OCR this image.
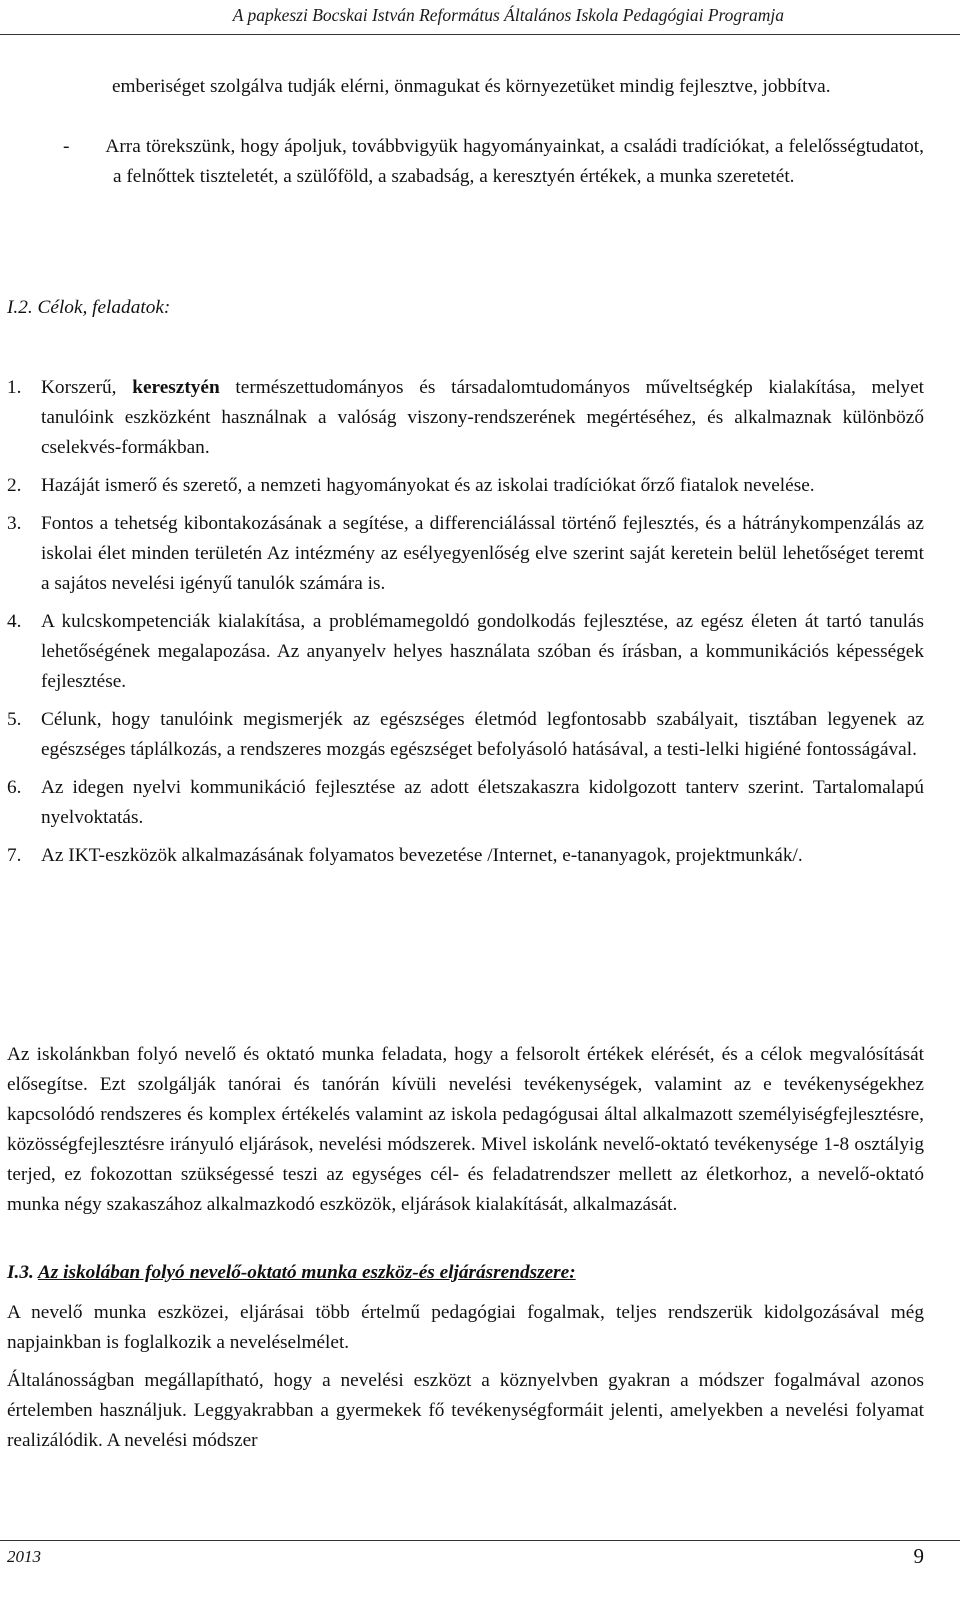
A papkeszi Bocskai István Református Általános Iskola Pedagógiai Programja

emberiséget szolgálva tudják elérni, önmagukat és környezetüket mindig fejlesztve, jobbítva.

- Arra törekszünk, hogy ápoljuk, továbbvigyük hagyományainkat, a családi tradíciókat, a felelősségtudatot, a felnőttek tiszteletét, a szülőföld, a szabadság, a keresztyén értékek, a munka szeretetét.

I.2. Célok, feladatok:
1. Korszerű, keresztyén természettudományos és társadalomtudományos műveltségkép kialakítása, melyet tanulóink eszközként használnak a valóság viszony-rendszerének megértéséhez, és alkalmaznak különböző cselekvés-formákban.

2. Hazáját ismerő és szerető, a nemzeti hagyományokat és az iskolai tradíciókat őrző fiatalok nevelése.

3. Fontos a tehetség kibontakozásának a segítése, a differenciálással történő fejlesztés, és a hátránykompenzálás az iskolai élet minden területén Az intézmény az esélyegyenlőség elve szerint saját keretein belül lehetőséget teremt a sajátos nevelési igényű tanulók számára is.

4. A kulcskompetenciák kialakítása, a problémamegoldó gondolkodás fejlesztése, az egész életen át tartó tanulás lehetőségének megalapozása. Az anyanyelv helyes használata szóban és írásban, a kommunikációs képességek fejlesztése.

5. Célunk, hogy tanulóink megismerjék az egészséges életmód legfontosabb szabályait, tisztában legyenek az egészséges táplálkozás, a rendszeres mozgás egészséget befolyásoló hatásával, a testi-lelki higiéné fontosságával.

6. Az idegen nyelvi kommunikáció fejlesztése az adott életszakaszra kidolgozott tanterv szerint. Tartalomalapú nyelvoktatás.

7. Az IKT-eszközök alkalmazásának folyamatos bevezetése /Internet, e-tananyagok, projektmunkák/.

Az iskolánkban folyó nevelő és oktató munka feladata, hogy a felsorolt értékek elérését, és a célok megvalósítását elősegítse. Ezt szolgálják tanórai és tanórán kívüli nevelési tevékenységek, valamint az e tevékenységekhez kapcsolódó rendszeres és komplex értékelés valamint az iskola pedagógusai által alkalmazott személyiségfejlesztésre, közösségfejlesztésre irányuló eljárások, nevelési módszerek. Mivel iskolánk nevelő-oktató tevékenysége 1-8 osztályig terjed, ez fokozottan szükségessé teszi az egységes cél- és feladatrendszer mellett az életkorhoz, a nevelő-oktató munka négy szakaszához alkalmazkodó eszközök, eljárások kialakítását, alkalmazását.

I.3. Az iskolában folyó nevelő-oktató munka eszköz-és eljárásrendszere:

A nevelő munka eszközei, eljárásai több értelmű pedagógiai fogalmak, teljes rendszerük kidolgozásával még napjainkban is foglalkozik a neveléselmélet.

Általánosságban megállapítható, hogy a nevelési eszközt a köznyelvben gyakran a módszer fogalmával azonos értelemben használjuk. Leggyakrabban a gyermekek fő tevékenységformáit jelenti, amelyekben a nevelési folyamat realizálódik. A nevelési módszer

2013	9
